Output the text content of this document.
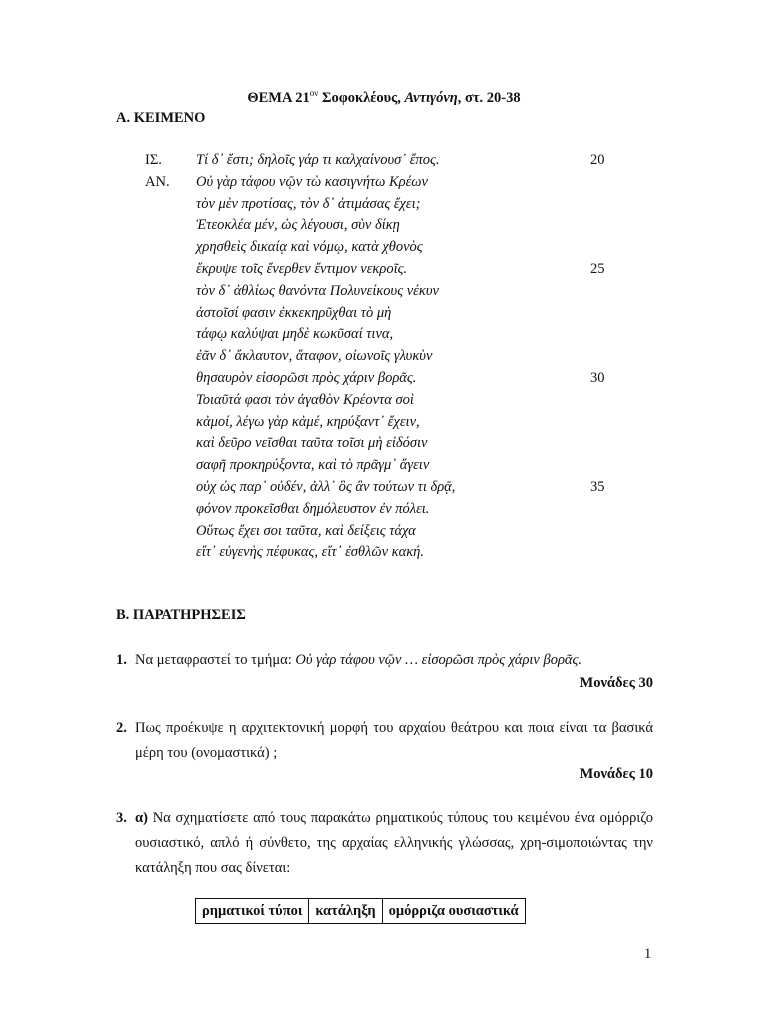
ΘΕΜΑ $21^{o\nu}$ Σοφοκλέους, Αντιγόνη, στ. 20-38
Α. ΚΕΙΜΕΝΟ
ΙΣ. Τί δ᾽ ἔστι; δηλοῖς γάρ τι καλχαίνουσ᾽ ἔπος.	20
ΑΝ. Οὐ γὰρ τάφου νῷν τὼ κασιγνήτω Κρέων
τὸν μὲν προτίσας, τὸν δ᾽ ἀτιμάσας ἔχει;
Ἐτεοκλέα μέν, ὡς λέγουσι, σὺν δίκῃ
χρησθεὶς δικαίᾳ καὶ νόμῳ, κατὰ χθονὸς
ἔκρυψε τοῖς ἔνερθεν ἔντιμον νεκροῖς.	25
τὸν δ᾽ ἀθλίως θανόντα Πολυνείκους νέκυν
ἀστοῖσί φασιν ἐκκεκηρῦχθαι τὸ μὴ
τάφῳ καλύψαι μηδὲ κωκῦσαί τινα,
ἐᾶν δ᾽ ἄκλαυτον, ἄταφον, οἰωνοῖς γλυκὺν
θησαυρὸν εἰσορῶσι πρὸς χάριν βορᾶς.	30
Τοιαῦτά φασι τὸν ἀγαθὸν Κρέοντα σοὶ
κἀμοί, λέγω γὰρ κἀμέ, κηρύξαντ᾽ ἔχειν,
καὶ δεῦρο νεῖσθαι ταῦτα τοῖσι μὴ εἰδόσιν
σαφῆ προκηρύξοντα, καὶ τὸ πρᾶγμ᾽ ἄγειν
οὐχ ὡς παρ᾽ οὐδέν, ἀλλ᾽ ὃς ἂν τούτων τι δρᾷ,	35
φόνον προκεῖσθαι δημόλευστον ἐν πόλει.
Οὕτως ἔχει σοι ταῦτα, καὶ δείξεις τάχα
εἴτ᾽ εὐγενὴς πέφυκας, εἴτ᾽ ἐσθλῶν κακή.
Β. ΠΑΡΑΤΗΡΗΣΕΙΣ
1. Να μεταφραστεί το τμήμα: Οὐ γὰρ τάφου νῷν … εἰσορῶσι πρὸς χάριν βορᾶς.
Μονάδες 30
2. Πως προέκυψε η αρχιτεκτονική μορφή του αρχαίου θεάτρου και ποια είναι τα βασικά μέρη του (ονομαστικά) ;
Μονάδες 10
3. α) Να σχηματίσετε από τους παρακάτω ρηματικούς τύπους του κειμένου ένα ομόρριζο ουσιαστικό, απλό ή σύνθετο, της αρχαίας ελληνικής γλώσσας, χρη-σιμοποιώντας την κατάληξη που σας δίνεται:
ρηματικοί τύποι	κατάληξη	ομόρριζα ουσιαστικά
1
